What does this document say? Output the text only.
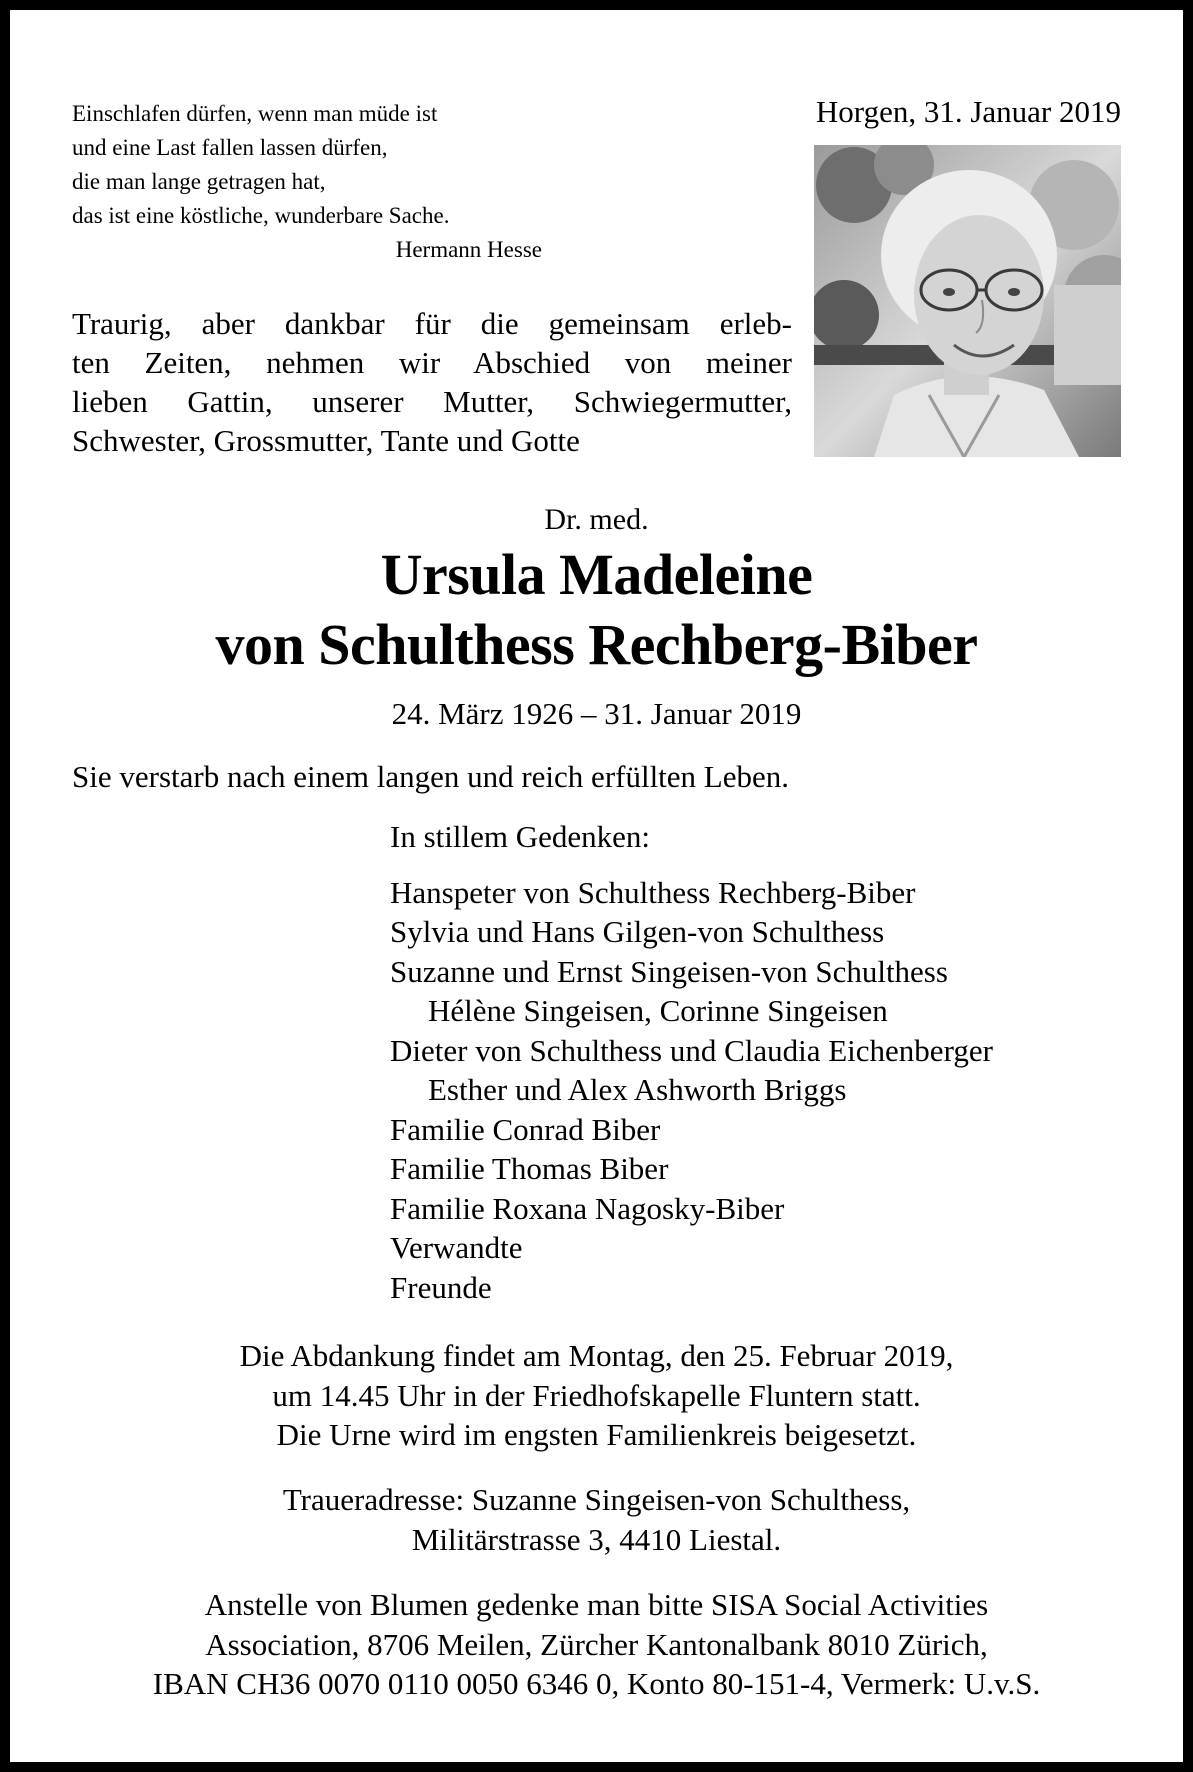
Einschlafen dürfen, wenn man müde ist
und eine Last fallen lassen dürfen,
die man lange getragen hat,
das ist eine köstliche, wunderbare Sache.
Hermann Hesse
Horgen, 31. Januar 2019
Traurig, aber dankbar für die gemeinsam erleb-
ten Zeiten, nehmen wir Abschied von meiner
lieben Gattin, unserer Mutter, Schwiegermutter,
Schwester, Grossmutter, Tante und Gotte
Dr. med.
Ursula Madeleine
von Schulthess Rechberg-Biber
24. März 1926 – 31. Januar 2019
Sie verstarb nach einem langen und reich erfüllten Leben.
In stillem Gedenken:
Hanspeter von Schulthess Rechberg-Biber
Sylvia und Hans Gilgen-von Schulthess
Suzanne und Ernst Singeisen-von Schulthess
Hélène Singeisen, Corinne Singeisen
Dieter von Schulthess und Claudia Eichenberger
Esther und Alex Ashworth Briggs
Familie Conrad Biber
Familie Thomas Biber
Familie Roxana Nagosky-Biber
Verwandte
Freunde
Die Abdankung findet am Montag, den 25. Februar 2019,
um 14.45 Uhr in der Friedhofskapelle Fluntern statt.
Die Urne wird im engsten Familienkreis beigesetzt.
Traueradresse: Suzanne Singeisen-von Schulthess,
Militärstrasse 3, 4410 Liestal.
Anstelle von Blumen gedenke man bitte SISA Social Activities
Association, 8706 Meilen, Zürcher Kantonalbank 8010 Zürich,
IBAN CH36 0070 0110 0050 6346 0, Konto 80-151-4, Vermerk: U.v.S.
